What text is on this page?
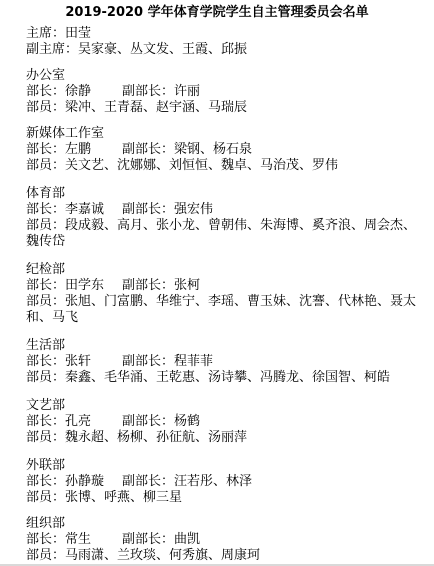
2019-2020 学年体育学院学生自主管理委员会名单
主席：田莹
副主席：吴家豪、丛文发、王霞、邱振
办公室
部长：徐静 副部长：许丽
部员：梁冲、王青磊、赵宇涵、马瑞辰
新媒体工作室
部长：左鹏 副部长：梁钢、杨石泉
部员：关文艺、沈娜娜、刘恒恒、魏卓、马治茂、罗伟
体育部
部长：李嘉诚 副部长：强宏伟
部员：段成毅、高月、张小龙、曾朝伟、朱海博、奚齐浪、周会杰、魏传岱
纪检部
部长：田学东 副部长：张柯
部员：张旭、门富鹏、华维宁、李瑶、曹玉妹、沈謇、代林艳、聂太和、马飞
生活部
部长：张轩 副部长：程菲菲
部员：秦鑫、毛华涌、王乾惠、汤诗攀、冯腾龙、徐国智、柯皓
文艺部
部长：孔亮 副部长：杨鹤
部员：魏永超、杨柳、孙征航、汤丽萍
外联部
部长：孙静璇 副部长：汪若彤、林泽
部员：张博、呼燕、柳三星
组织部
部长：常生 副部长：曲凯
部员：马雨潇、兰玫琰、何秀旗、周康珂
